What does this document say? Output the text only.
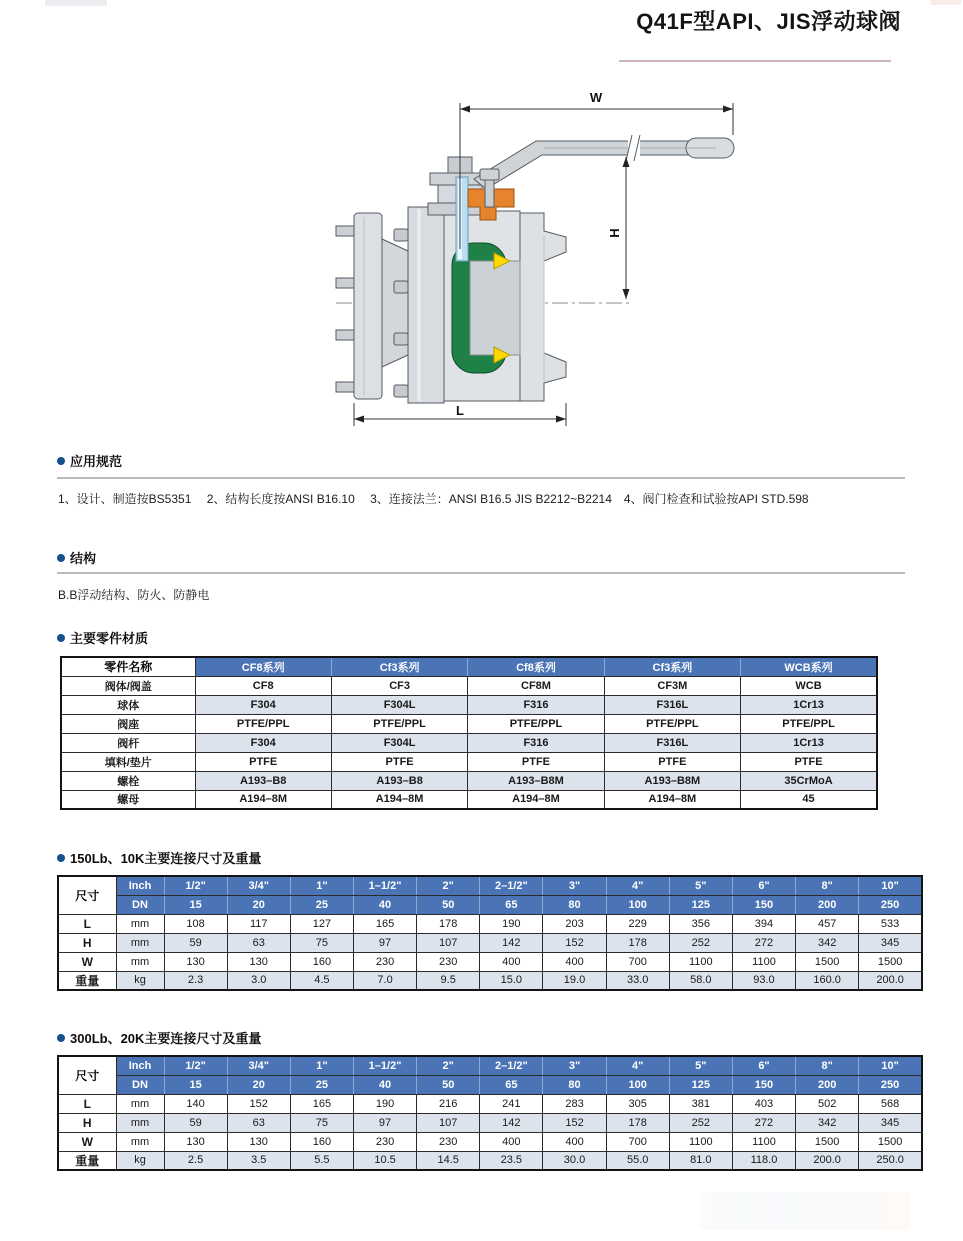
Q41F型API、JIS浮动球阀
W
H
L
应用规范
1、设计、制造按BS5351　 2、结构长度按ANSI B16.10　 3、连接法兰：ANSI B16.5 JIS B2212~B2214　4、阀门检查和试验按API STD.598
结构
B.B浮动结构、防火、防静电
主要零件材质
零件名称	CF8系列	Cf3系列	Cf8系列	Cf3系列	WCB系列
阀体/阀盖	CF8	CF3	CF8M	CF3M	WCB
球体	F304	F304L	F316	F316L	1Cr13
阀座	PTFE/PPL	PTFE/PPL	PTFE/PPL	PTFE/PPL	PTFE/PPL
阀杆	F304	F304L	F316	F316L	1Cr13
填料/垫片	PTFE	PTFE	PTFE	PTFE	PTFE
螺栓	A193–B8	A193–B8	A193–B8M	A193–B8M	35CrMoA
螺母	A194–8M	A194–8M	A194–8M	A194–8M	45
150Lb、10K主要连接尺寸及重量
尺寸	Inch	1/2"	3/4"	1"	1–1/2"	2"	2–1/2"	3"	4"	5"	6"	8"	10"
	DN	15	20	25	40	50	65	80	100	125	150	200	250
L	mm	108	117	127	165	178	190	203	229	356	394	457	533
H	mm	59	63	75	97	107	142	152	178	252	272	342	345
W	mm	130	130	160	230	230	400	400	700	1100	1100	1500	1500
重量	kg	2.3	3.0	4.5	7.0	9.5	15.0	19.0	33.0	58.0	93.0	160.0	200.0
300Lb、20K主要连接尺寸及重量
尺寸	Inch	1/2"	3/4"	1"	1–1/2"	2"	2–1/2"	3"	4"	5"	6"	8"	10"
	DN	15	20	25	40	50	65	80	100	125	150	200	250
L	mm	140	152	165	190	216	241	283	305	381	403	502	568
H	mm	59	63	75	97	107	142	152	178	252	272	342	345
W	mm	130	130	160	230	230	400	400	700	1100	1100	1500	1500
重量	kg	2.5	3.5	5.5	10.5	14.5	23.5	30.0	55.0	81.0	118.0	200.0	250.0
